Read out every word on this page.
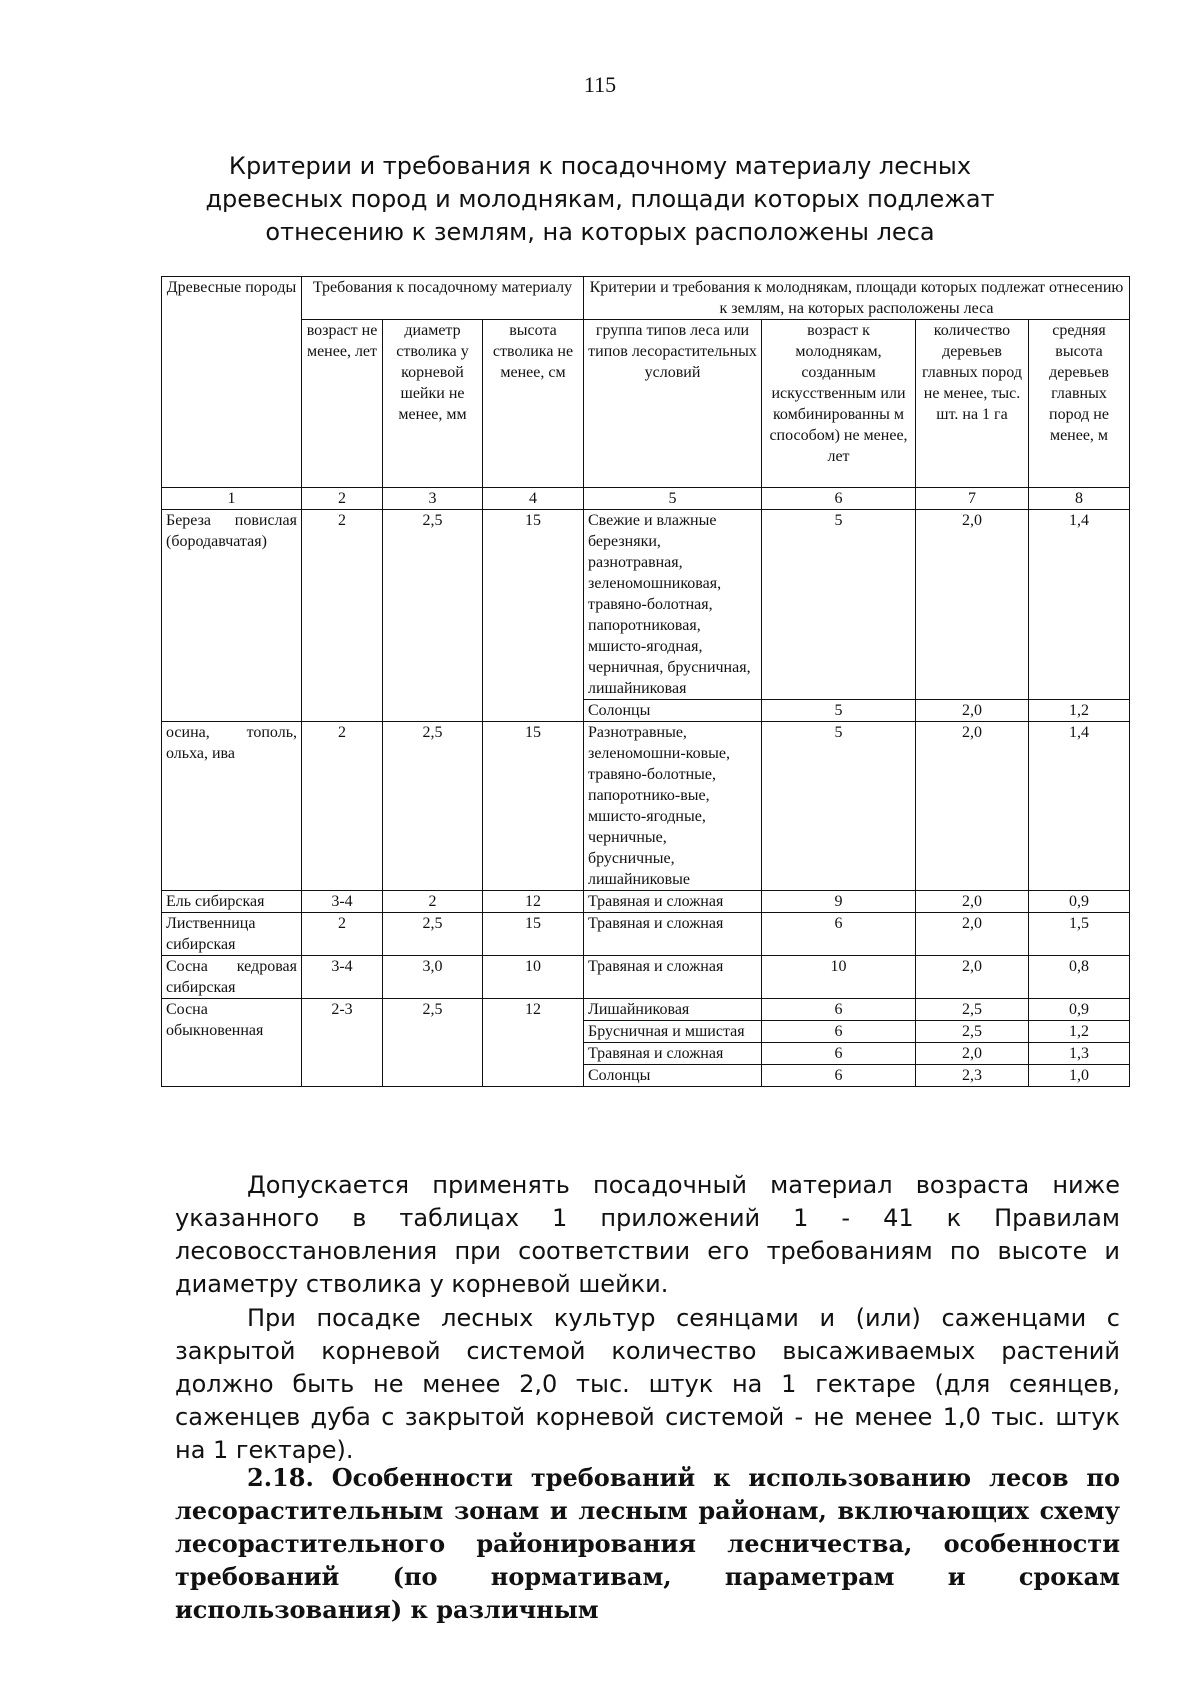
115
Критерии и требования к посадочному материалу лесных
древесных пород и молоднякам, площади которых подлежат
отнесению к землям, на которых расположены леса
Древесные породы	Требования к посадочному материалу			Критерии и требования к молоднякам, площади которых подлежат отнесению к землям, на которых расположены леса			
	возраст не менее, лет	диаметр стволика у корневой шейки не менее, мм	высота стволика не менее, см	группа типов леса или типов лесорастительных условий	возраст к молоднякам, созданным искусственным или комбинированны м способом) не менее, лет	количество деревьев главных пород не менее, тыс. шт. на 1 га	средняя высота деревьев главных пород не менее, м
1	2	3	4	5	6	7	8
Береза повислая (бородавчатая)	2	2,5	15	Свежие и влажные березняки, разнотравная, зеленомошниковая, травяно-болотная, папоротниковая, мшисто-ягодная, черничная, брусничная, лишайниковая	5	2,0	1,4
				Солонцы	5	2,0	1,2
осина, тополь, ольха, ива	2	2,5	15	Разнотравные, зеленомошни-ковые, травяно-болотные, папоротнико-вые, мшисто-ягодные, черничные, брусничные, лишайниковые	5	2,0	1,4
Ель сибирская	3-4	2	12	Травяная и сложная	9	2,0	0,9
Лиственница сибирская	2	2,5	15	Травяная и сложная	6	2,0	1,5
Сосна кедровая сибирская	3-4	3,0	10	Травяная и сложная	10	2,0	0,8
Сосна обыкновенная	2-3	2,5	12	Лишайниковая	6	2,5	0,9
				Брусничная и мшистая	6	2,5	1,2
				Травяная и сложная	6	2,0	1,3
				Солонцы	6	2,3	1,0

Допускается применять посадочный материал возраста ниже указанного в таблицах 1 приложений 1 - 41 к Правилам лесовосстановления при соответствии его требованиям по высоте и диаметру стволика у корневой шейки.

При посадке лесных культур сеянцами и (или) саженцами с закрытой корневой системой количество высаживаемых растений должно быть не менее 2,0 тыс. штук на 1 гектаре (для сеянцев, саженцев дуба с закрытой корневой системой - не менее 1,0 тыс. штук на 1 гектаре).

2.18. Особенности требований к использованию лесов по лесорастительным зонам и лесным районам, включающих схему лесорастительного районирования лесничества, особенности требований (по нормативам, параметрам и срокам использования) к различным
